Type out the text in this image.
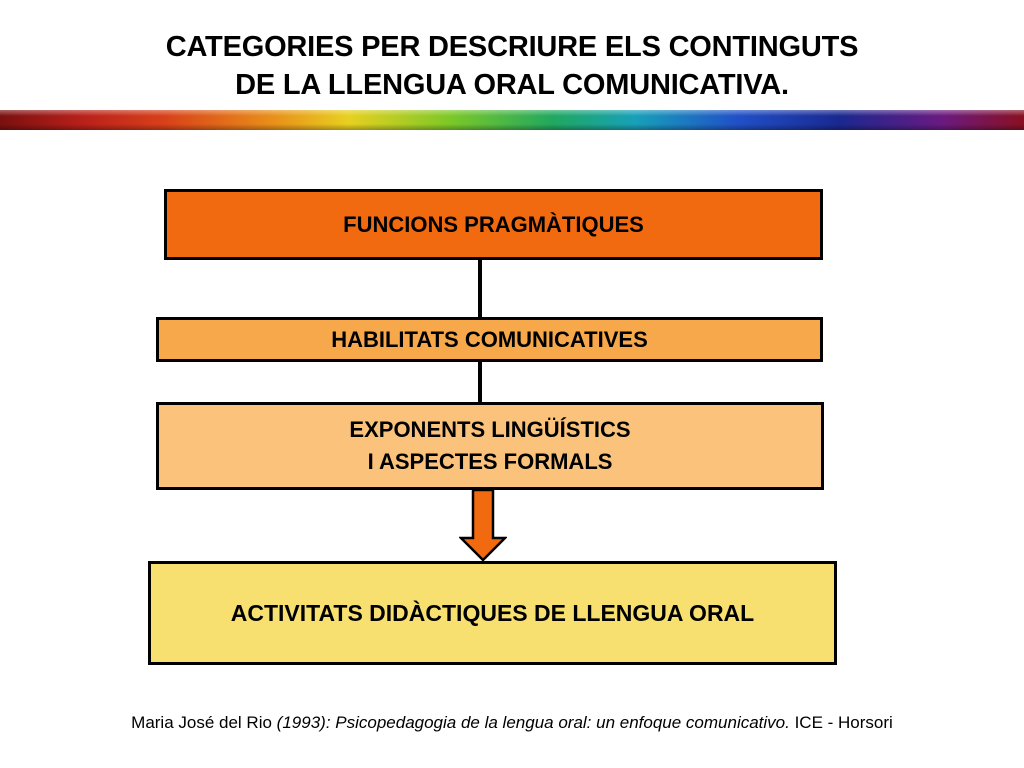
CATEGORIES PER DESCRIURE ELS CONTINGUTS
DE LA LLENGUA ORAL COMUNICATIVA.
FUNCIONS PRAGMÀTIQUES
HABILITATS COMUNICATIVES
EXPONENTS LINGÜÍSTICS
I ASPECTES FORMALS
ACTIVITATS DIDÀCTIQUES DE LLENGUA ORAL
Maria José del Rio (1993): Psicopedagogia de la lengua oral: un enfoque comunicativo. ICE - Horsori
